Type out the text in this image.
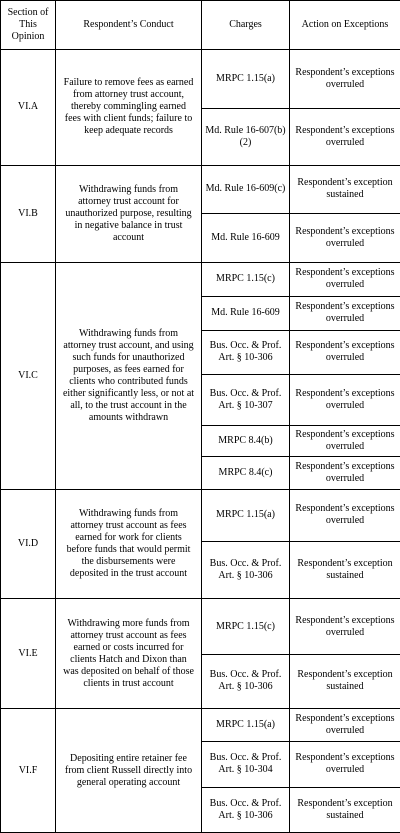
Section of This Opinion	Respondent’s Conduct	Charges	Action on Exceptions
VI.A	Failure to remove fees as earned from attorney trust account, thereby commingling earned fees with client funds; failure to keep adequate records	MRPC 1.15(a)	Respondent’s exceptions overruled
		Md. Rule 16-607(b)(2)	Respondent’s exceptions overruled
VI.B	Withdrawing funds from attorney trust account for unauthorized purpose, resulting in negative balance in trust account	Md. Rule 16-609(c)	Respondent’s exception sustained
		Md. Rule 16-609	Respondent’s exceptions overruled
VI.C	Withdrawing funds from attorney trust account, and using such funds for unauthorized purposes, as fees earned for clients who contributed funds either significantly less, or not at all, to the trust account in the amounts withdrawn	MRPC 1.15(c)	Respondent’s exceptions overruled
		Md. Rule 16-609	Respondent’s exceptions overruled
		Bus. Occ. & Prof. Art. § 10-306	Respondent’s exceptions overruled
		Bus. Occ. & Prof. Art. § 10-307	Respondent’s exceptions overruled
		MRPC 8.4(b)	Respondent’s exceptions overruled
		MRPC 8.4(c)	Respondent’s exceptions overruled
VI.D	Withdrawing funds from attorney trust account as fees earned for work for clients before funds that would permit the disbursements were deposited in the trust account	MRPC 1.15(a)	Respondent’s exceptions overruled
		Bus. Occ. & Prof. Art. § 10-306	Respondent’s exception sustained
VI.E	Withdrawing more funds from attorney trust account as fees earned or costs incurred for clients Hatch and Dixon than was deposited on behalf of those clients in trust account	MRPC 1.15(c)	Respondent’s exceptions overruled
		Bus. Occ. & Prof. Art. § 10-306	Respondent’s exception sustained
VI.F	Depositing entire retainer fee from client Russell directly into general operating account	MRPC 1.15(a)	Respondent’s exceptions overruled
		Bus. Occ. & Prof. Art. § 10-304	Respondent’s exceptions overruled
		Bus. Occ. & Prof. Art. § 10-306	Respondent’s exception sustained
